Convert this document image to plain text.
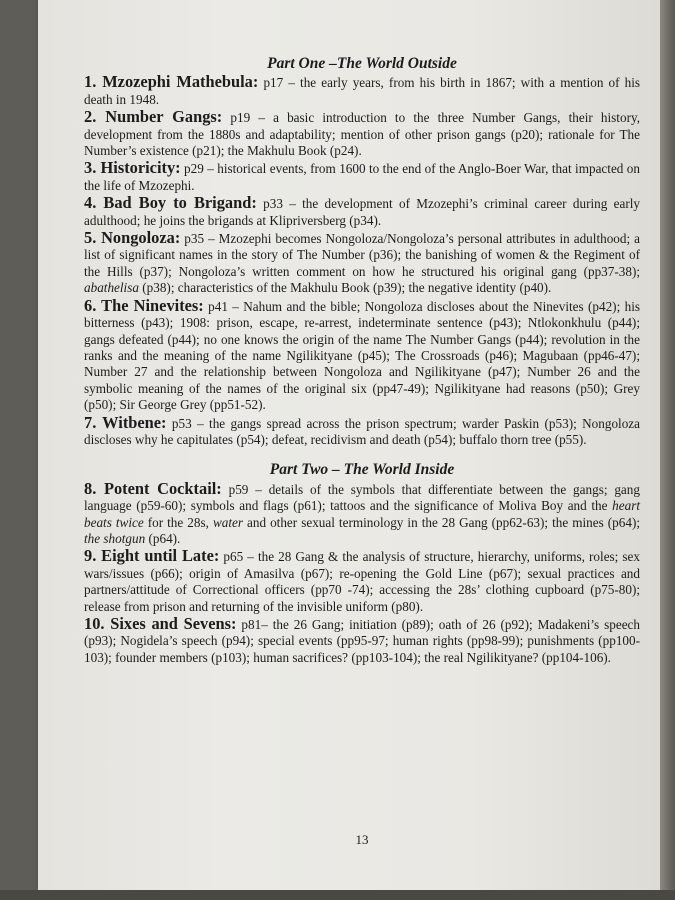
Part One –The World Outside
1. Mzozephi Mathebula: p17 – the early years, from his birth in 1867; with a mention of his death in 1948.
2. Number Gangs: p19 – a basic introduction to the three Number Gangs, their history, development from the 1880s and adaptability; mention of other prison gangs (p20); rationale for The Number’s existence (p21); the Makhulu Book (p24).
3. Historicity: p29 – historical events, from 1600 to the end of the Anglo-Boer War, that impacted on the life of Mzozephi.
4. Bad Boy to Brigand: p33 – the development of Mzozephi’s criminal career during early adulthood; he joins the brigands at Klipriversberg (p34).
5. Nongoloza: p35 – Mzozephi becomes Nongoloza/Nongoloza’s personal attributes in adulthood; a list of significant names in the story of The Number (p36); the banishing of women & the Regiment of the Hills (p37); Nongoloza’s written comment on how he structured his original gang (pp37-38); abathelisa (p38); characteristics of the Makhulu Book (p39); the negative identity (p40).
6. The Ninevites: p41 – Nahum and the bible; Nongoloza discloses about the Ninevites (p42); his bitterness (p43); 1908: prison, escape, re-arrest, indeterminate sentence (p43); Ntlokonkhulu (p44); gangs defeated (p44); no one knows the origin of the name The Number Gangs (p44); revolution in the ranks and the meaning of the name Ngilikityane (p45); The Crossroads (p46); Magubaan (pp46-47); Number 27 and the relationship between Nongoloza and Ngilikityane (p47); Number 26 and the symbolic meaning of the names of the original six (pp47-49); Ngilikityane had reasons (p50); Grey (p50); Sir George Grey (pp51-52).
7. Witbene: p53 – the gangs spread across the prison spectrum; warder Paskin (p53); Nongoloza discloses why he capitulates (p54); defeat, recidivism and death (p54); buffalo thorn tree (p55).
Part Two – The World Inside
8. Potent Cocktail: p59 – details of the symbols that differentiate between the gangs; gang language (p59-60); symbols and flags (p61); tattoos and the significance of Moliva Boy and the heart beats twice for the 28s, water and other sexual terminology in the 28 Gang (pp62-63); the mines (p64); the shotgun (p64).
9. Eight until Late: p65 – the 28 Gang & the analysis of structure, hierarchy, uniforms, roles; sex wars/issues (p66); origin of Amasilva (p67); re-opening the Gold Line (p67); sexual practices and partners/attitude of Correctional officers (pp70 -74); accessing the 28s’ clothing cupboard (p75-80); release from prison and returning of the invisible uniform (p80).
10. Sixes and Sevens: p81– the 26 Gang; initiation (p89); oath of 26 (p92); Madakeni’s speech (p93); Nogidela’s speech (p94); special events (pp95-97; human rights (pp98-99); punishments (pp100-103); founder members (p103); human sacrifices? (pp103-104); the real Ngilikityane? (pp104-106).
13
